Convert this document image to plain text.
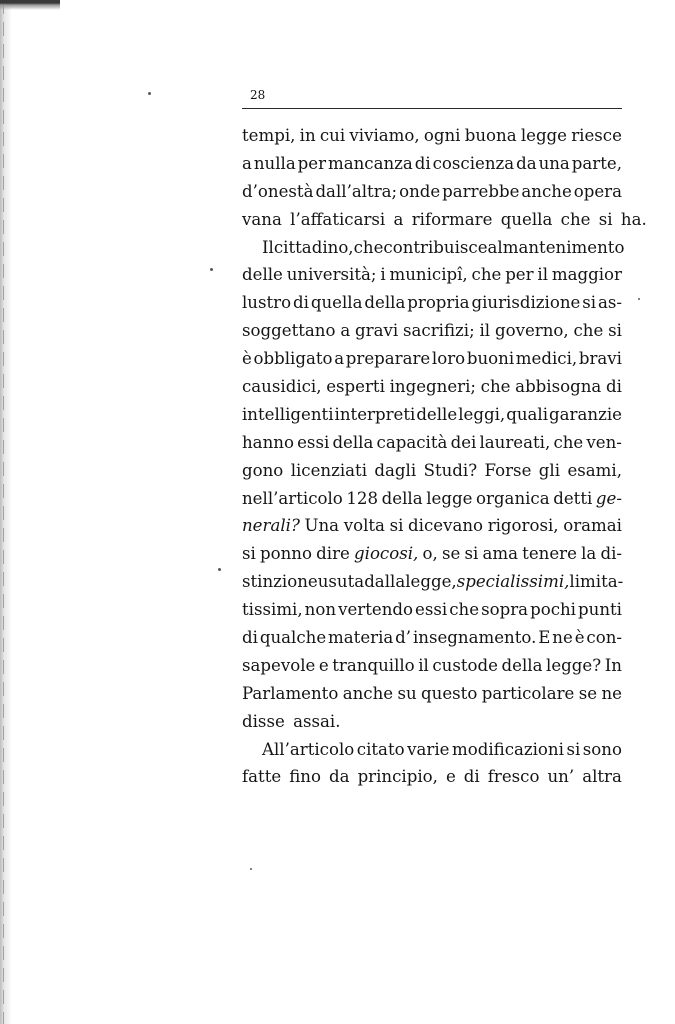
28
tempi, in cui viviamo, ogni buona legge riesce
a nulla per mancanza di coscienza da una parte,
d’onestà dall’altra; onde parrebbe anche opera
vana l’affaticarsi a riformare quella che si ha.
Il cittadino, che contribuisce al mantenimento
delle università; i municipî, che per il maggior
lustro di quella della propria giurisdizione si as-
soggettano a gravi sacrifizi; il governo, che si
è obbligato a preparare loro buoni medici, bravi
causidici, esperti ingegneri; che abbisogna di
intelligenti interpreti delle leggi, quali garanzie
hanno essi della capacità dei laureati, che ven-
gono licenziati dagli Studi? Forse gli esami,
nell’articolo 128 della legge organica detti ge-
nerali? Una volta si dicevano rigorosi, oramai
si ponno dire giocosi, o, se si ama tenere la di-
stinzione usuta dalla legge, specialissimi, limita-
tissimi, non vertendo essi che sopra pochi punti
di qualche materia d’ insegnamento. E ne è con-
sapevole e tranquillo il custode della legge? In
Parlamento anche su questo particolare se ne
disse assai.
All’articolo citato varie modificazioni si sono
fatte fino da principio, e di fresco un’ altra
